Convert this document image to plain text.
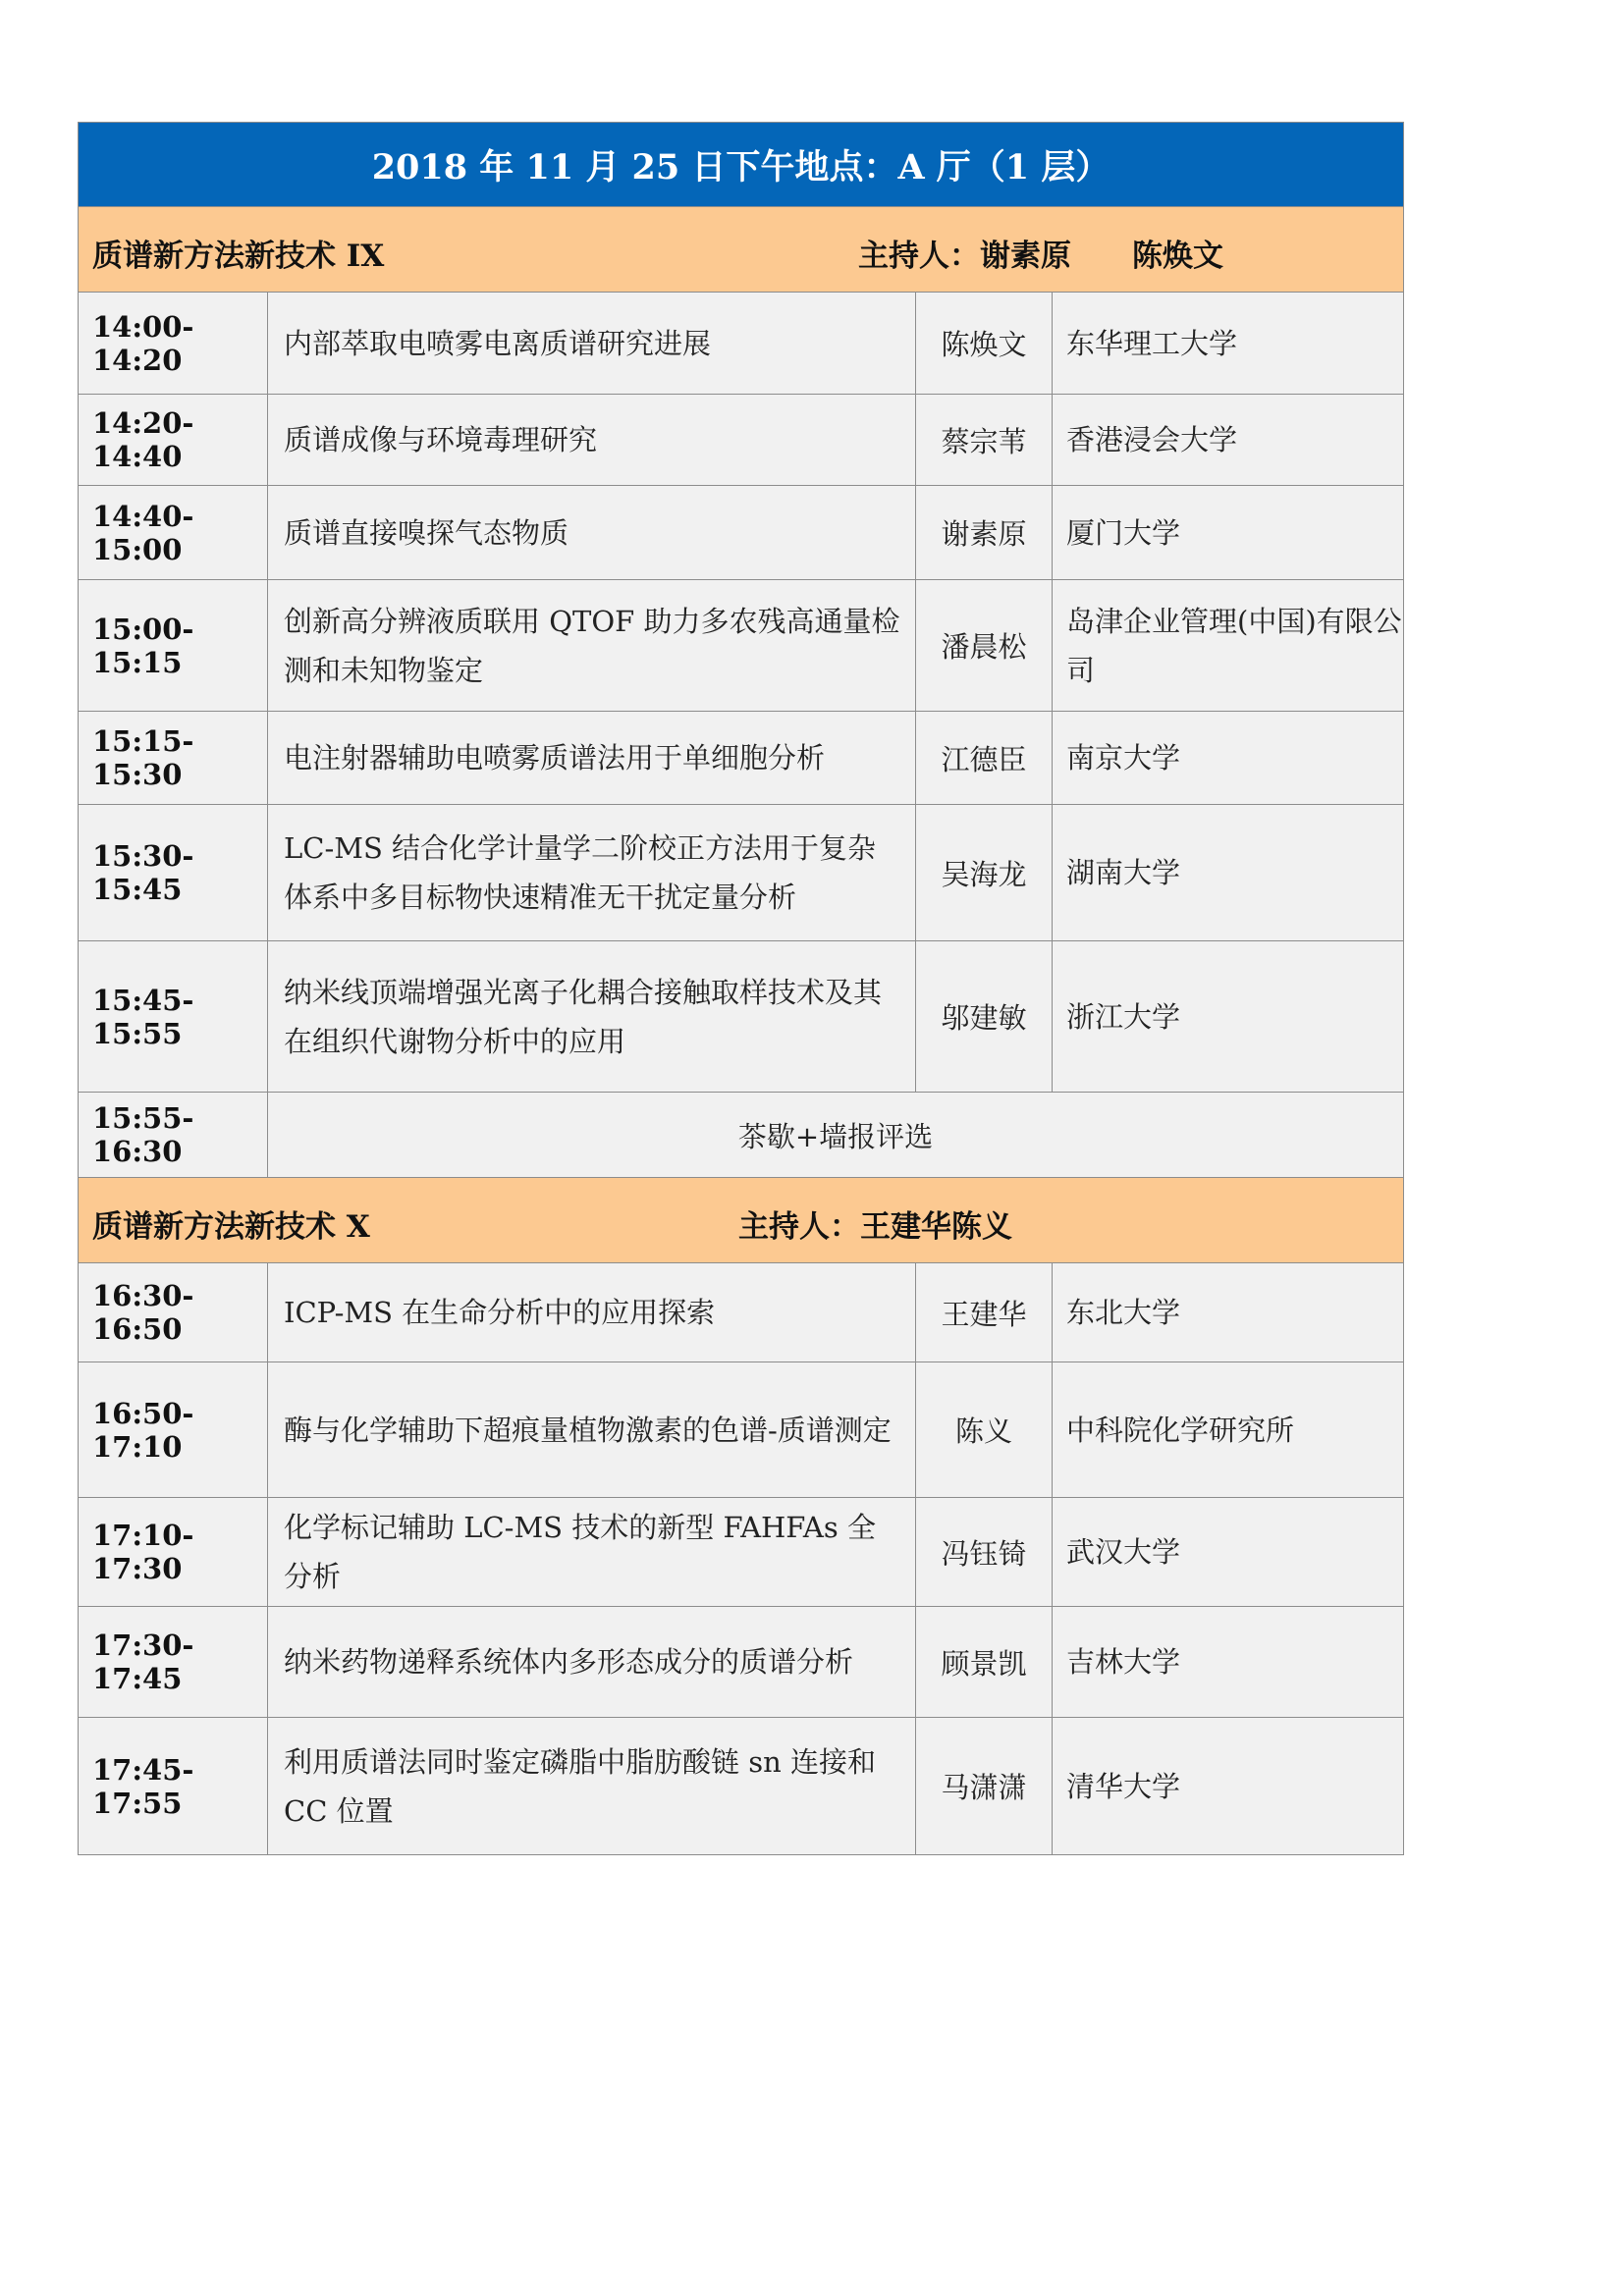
2018 年 11 月 25 日下午地点：A 厅（1 层）			

质谱新方法新技术 IX 主持人：谢素原　　陈焕文			

14:00-14:20	内部萃取电喷雾电离质谱研究进展	陈焕文	东华理工大学
14:20-14:40	质谱成像与环境毒理研究	蔡宗苇	香港浸会大学
14:40-15:00	质谱直接嗅探气态物质	谢素原	厦门大学
15:00-15:15	创新高分辨液质联用 QTOF 助力多农残高通量检测和未知物鉴定	潘晨松	岛津企业管理(中国)有限公司
15:15-15:30	电注射器辅助电喷雾质谱法用于单细胞分析	江德臣	南京大学
15:30-15:45	LC-MS 结合化学计量学二阶校正方法用于复杂体系中多目标物快速精准无干扰定量分析	吴海龙	湖南大学
15:45-15:55	纳米线顶端增强光离子化耦合接触取样技术及其在组织代谢物分析中的应用	邬建敏	浙江大学
15:55-16:30	茶歇+墙报评选		

质谱新方法新技术 X 主持人：王建华陈义			

16:30-16:50	ICP-MS 在生命分析中的应用探索	王建华	东北大学
16:50-17:10	酶与化学辅助下超痕量植物激素的色谱-质谱测定	陈义	中科院化学研究所
17:10-17:30	化学标记辅助 LC-MS 技术的新型 FAHFAs 全分析	冯钰锜	武汉大学
17:30-17:45	纳米药物递释系统体内多形态成分的质谱分析	顾景凯	吉林大学
17:45-17:55	利用质谱法同时鉴定磷脂中脂肪酸链 sn 连接和 CC 位置	马潇潇	清华大学
